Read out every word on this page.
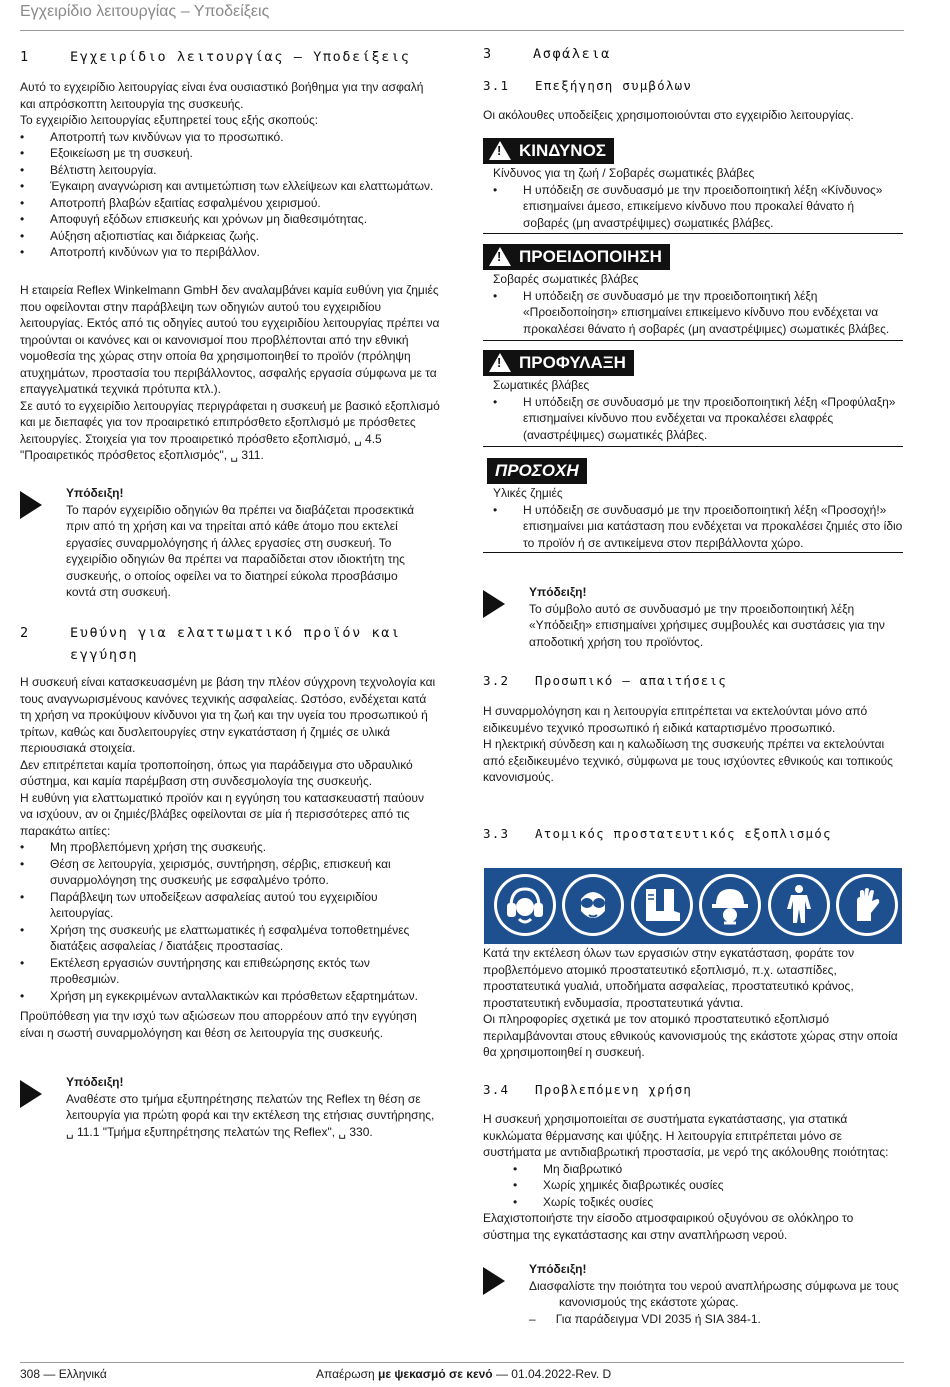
Εγχειρίδιο λειτουργίας – Υποδείξεις
1	Εγχειρίδιο λειτουργίας – Υποδείξεις

Αυτό το εγχειρίδιο λειτουργίας είναι ένα ουσιαστικό βοήθημα για την ασφαλή και απρόσκοπτη λειτουργία της συσκευής.

Το εγχειρίδιο λειτουργίας εξυπηρετεί τους εξής σκοπούς:

• Αποτροπή των κινδύνων για το προσωπικό.
• Εξοικείωση με τη συσκευή.
• Βέλτιστη λειτουργία.
• Έγκαιρη αναγνώριση και αντιμετώπιση των ελλείψεων και ελαττωμάτων.
• Αποτροπή βλαβών εξαιτίας εσφαλμένου χειρισμού.
• Αποφυγή εξόδων επισκευής και χρόνων μη διαθεσιμότητας.
• Αύξηση αξιοπιστίας και διάρκειας ζωής.
• Αποτροπή κινδύνων για το περιβάλλον.

Η εταιρεία Reflex Winkelmann GmbH δεν αναλαμβάνει καμία ευθύνη για ζημιές που οφείλονται στην παράβλεψη των οδηγιών αυτού του εγχειριδίου λειτουργίας. Εκτός από τις οδηγίες αυτού του εγχειριδίου λειτουργίας πρέπει να τηρούνται οι κανόνες και οι κανονισμοί που προβλέπονται από την εθνική νομοθεσία της χώρας στην οποία θα χρησιμοποιηθεί το προϊόν (πρόληψη ατυχημάτων, προστασία του περιβάλλοντος, ασφαλής εργασία σύμφωνα με τα επαγγελματικά τεχνικά πρότυπα κτλ.).

Σε αυτό το εγχειρίδιο λειτουργίας περιγράφεται η συσκευή με βασικό εξοπλισμό και με διεπαφές για τον προαιρετικό επιπρόσθετο εξοπλισμό με πρόσθετες λειτουργίες. Στοιχεία για τον προαιρετικό πρόσθετο εξοπλισμό, ␣ 4.5 "Προαιρετικός πρόσθετος εξοπλισμός", ␣ 311.

Υπόδειξη!
Το παρόν εγχειρίδιο οδηγιών θα πρέπει να διαβάζεται προσεκτικά πριν από τη χρήση και να τηρείται από κάθε άτομο που εκτελεί εργασίες συναρμολόγησης ή άλλες εργασίες στη συσκευή. Το εγχειρίδιο οδηγιών θα πρέπει να παραδίδεται στον ιδιοκτήτη της συσκευής, ο οποίος οφείλει να το διατηρεί εύκολα προσβάσιμο κοντά στη συσκευή.
2	Ευθύνη για ελαττωματικό προϊόν και
εγγύηση

Η συσκευή είναι κατασκευασμένη με βάση την πλέον σύγχρονη τεχνολογία και τους αναγνωρισμένους κανόνες τεχνικής ασφαλείας. Ωστόσο, ενδέχεται κατά τη χρήση να προκύψουν κίνδυνοι για τη ζωή και την υγεία του προσωπικού ή τρίτων, καθώς και δυσλειτουργίες στην εγκατάσταση ή ζημιές σε υλικά περιουσιακά στοιχεία.

Δεν επιτρέπεται καμία τροποποίηση, όπως για παράδειγμα στο υδραυλικό σύστημα, και καμία παρέμβαση στη συνδεσμολογία της συσκευής.

Η ευθύνη για ελαττωματικό προϊόν και η εγγύηση του κατασκευαστή παύουν να ισχύουν, αν οι ζημιές/βλάβες οφείλονται σε μία ή περισσότερες από τις παρακάτω αιτίες:

• Μη προβλεπόμενη χρήση της συσκευής.
• Θέση σε λειτουργία, χειρισμός, συντήρηση, σέρβις, επισκευή και συναρμολόγηση της συσκευής με εσφαλμένο τρόπο.
• Παράβλεψη των υποδείξεων ασφαλείας αυτού του εγχειριδίου λειτουργίας.
• Χρήση της συσκευής με ελαττωματικές ή εσφαλμένα τοποθετημένες διατάξεις ασφαλείας / διατάξεις προστασίας.
• Εκτέλεση εργασιών συντήρησης και επιθεώρησης εκτός των προθεσμιών.
• Χρήση μη εγκεκριμένων ανταλλακτικών και πρόσθετων εξαρτημάτων.

Προϋπόθεση για την ισχύ των αξιώσεων που απορρέουν από την εγγύηση είναι η σωστή συναρμολόγηση και θέση σε λειτουργία της συσκευής.

Υπόδειξη!
Αναθέστε στο τμήμα εξυπηρέτησης πελατών της Reflex τη θέση σε λειτουργία για πρώτη φορά και την εκτέλεση της ετήσιας συντήρησης,
␣ 11.1 "Τμήμα εξυπηρέτησης πελατών της Reflex", ␣ 330.
3	Ασφάλεια
3.1 Επεξήγηση συμβόλων
Οι ακόλουθες υποδείξεις χρησιμοποιούνται στο εγχειρίδιο λειτουργίας.
!
ΚΙΝΔΥΝΟΣ
Κίνδυνος για τη ζωή / Σοβαρές σωματικές βλάβες
• Η υπόδειξη σε συνδυασμό με την προειδοποιητική λέξη «Κίνδυνος» επισημαίνει άμεσο, επικείμενο κίνδυνο που προκαλεί θάνατο ή σοβαρές (μη αναστρέψιμες) σωματικές βλάβες.
!
ΠΡΟΕΙΔΟΠΟΙΗΣΗ
Σοβαρές σωματικές βλάβες
• Η υπόδειξη σε συνδυασμό με την προειδοποιητική λέξη «Προειδοποίηση» επισημαίνει επικείμενο κίνδυνο που ενδέχεται να προκαλέσει θάνατο ή σοβαρές (μη αναστρέψιμες) σωματικές βλάβες.
!
ΠΡΟΦΥΛΑΞΗ
Σωματικές βλάβες
• Η υπόδειξη σε συνδυασμό με την προειδοποιητική λέξη «Προφύλαξη» επισημαίνει κίνδυνο που ενδέχεται να προκαλέσει ελαφρές (αναστρέψιμες) σωματικές βλάβες.
ΠΡΟΣΟΧΗ
Υλικές ζημιές
• Η υπόδειξη σε συνδυασμό με την προειδοποιητική λέξη «Προσοχή!» επισημαίνει μια κατάσταση που ενδέχεται να προκαλέσει ζημιές στο ίδιο το προϊόν ή σε αντικείμενα στον περιβάλλοντα χώρο.
Υπόδειξη!
Το σύμβολο αυτό σε συνδυασμό με την προειδοποιητική λέξη «Υπόδειξη» επισημαίνει χρήσιμες συμβουλές και συστάσεις για την αποδοτική χρήση του προϊόντος.
3.2 Προσωπικό – απαιτήσεις

Η συναρμολόγηση και η λειτουργία επιτρέπεται να εκτελούνται μόνο από ειδικευμένο τεχνικό προσωπικό ή ειδικά καταρτισμένο προσωπικό.

Η ηλεκτρική σύνδεση και η καλωδίωση της συσκευής πρέπει να εκτελούνται από εξειδικευμένο τεχνικό, σύμφωνα με τους ισχύοντες εθνικούς και τοπικούς κανονισμούς.

3.3 Ατομικός προστατευτικός εξοπλισμός

Κατά την εκτέλεση όλων των εργασιών στην εγκατάσταση, φοράτε τον προβλεπόμενο ατομικό προστατευτικό εξοπλισμό, π.χ. ωτασπίδες, προστατευτικά γυαλιά, υποδήματα ασφαλείας, προστατευτικό κράνος, προστατευτική ενδυμασία, προστατευτικά γάντια.

Οι πληροφορίες σχετικά με τον ατομικό προστατευτικό εξοπλισμό περιλαμβάνονται στους εθνικούς κανονισμούς της εκάστοτε χώρας στην οποία θα χρησιμοποιηθεί η συσκευή.

3.4 Προβλεπόμενη χρήση

Η συσκευή χρησιμοποιείται σε συστήματα εγκατάστασης, για στατικά κυκλώματα θέρμανσης και ψύξης. Η λειτουργία επιτρέπεται μόνο σε συστήματα με αντιδιαβρωτική προστασία, με νερό της ακόλουθης ποιότητας:

• Μη διαβρωτικό
• Χωρίς χημικές διαβρωτικές ουσίες
• Χωρίς τοξικές ουσίες

Ελαχιστοποιήστε την είσοδο ατμοσφαιρικού οξυγόνου σε ολόκληρο το σύστημα της εγκατάστασης και στην αναπλήρωση νερού.

Υπόδειξη!
Διασφαλίστε την ποιότητα του νερού αναπλήρωσης σύμφωνα με τους
κανονισμούς της εκάστοτε χώρας.
– Για παράδειγμα VDI 2035 ή SIA 384-1.
308 — Ελληνικά	Απαέρωση με ψεκασμό σε κενό — 01.04.2022-Rev. D
